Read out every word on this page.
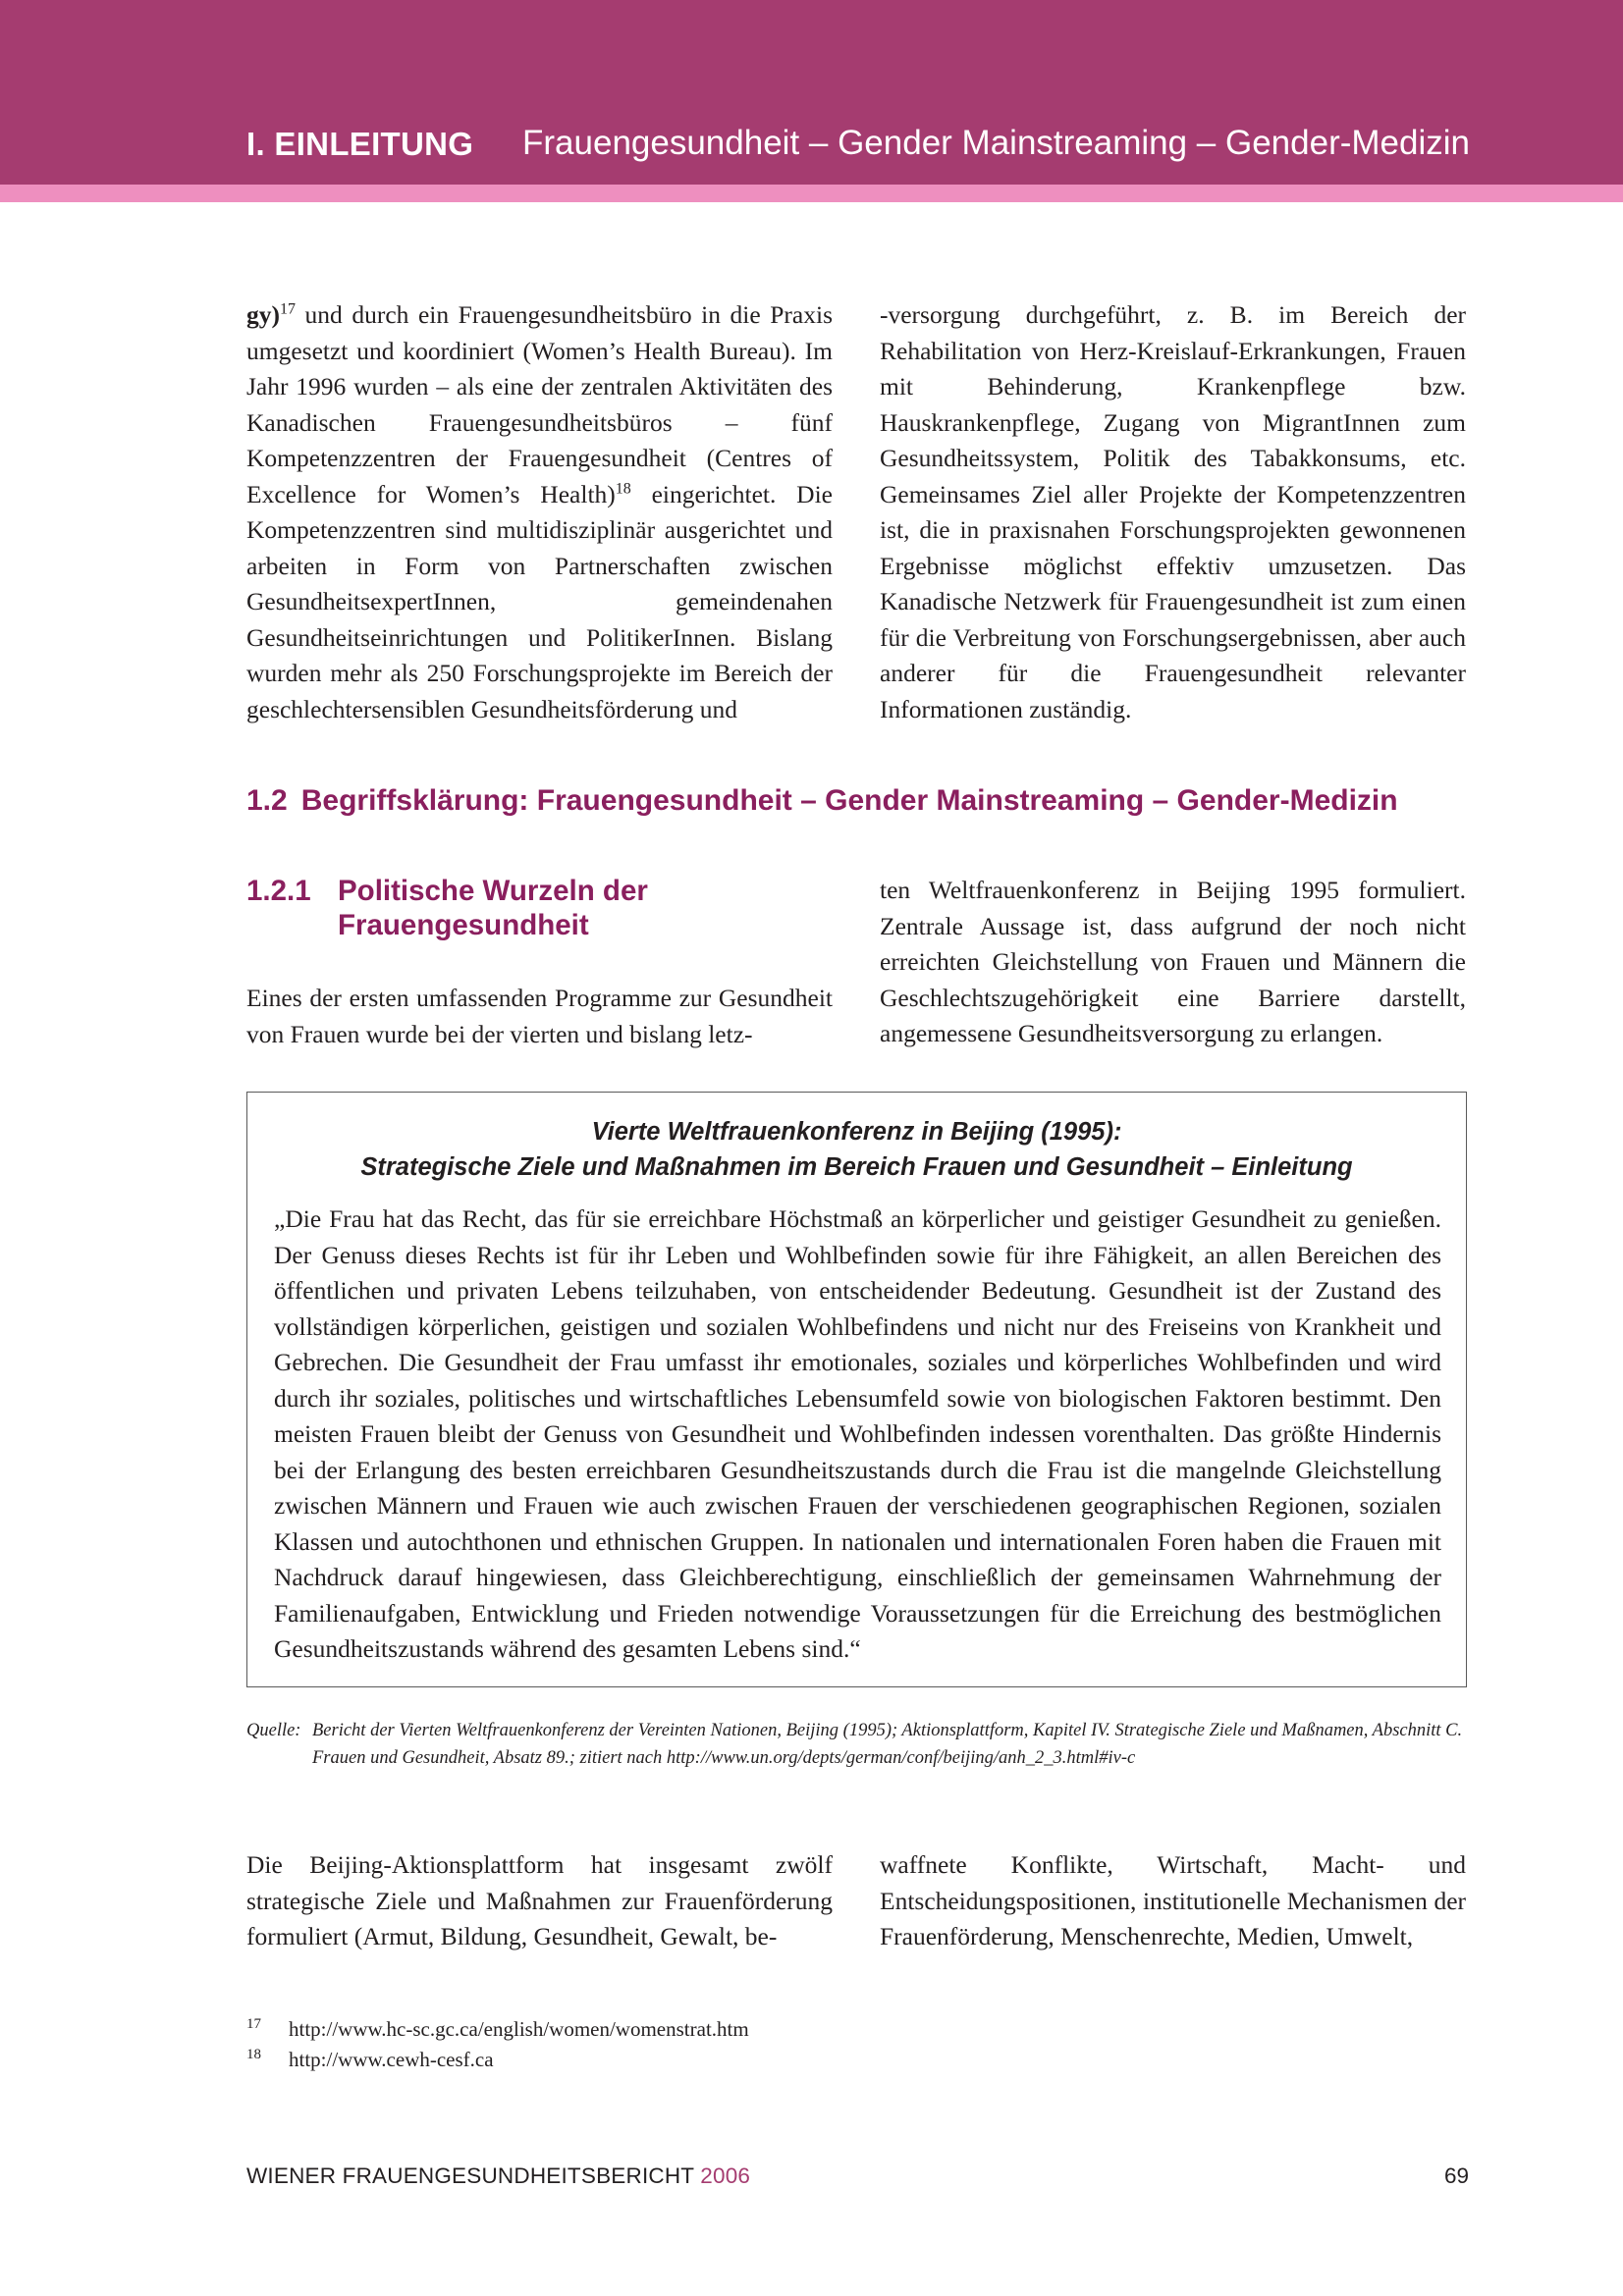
I. EINLEITUNG Frauengesundheit – Gender Mainstreaming – Gender-Medizin

gy)$^{17}$ und durch ein Frauengesundheitsbüro in die Praxis umgesetzt und koordiniert (Women’s Health Bureau). Im Jahr 1996 wurden – als eine der zentralen Aktivitäten des Kanadischen Frauengesundheitsbüros – fünf Kompetenzzentren der Frauengesundheit (Centres of Excellence for Women’s Health)$^{18}$ eingerichtet. Die Kompetenzzentren sind multidisziplinär ausgerichtet und arbeiten in Form von Partnerschaften zwischen GesundheitsexpertInnen, gemeindenahen Gesundheitseinrichtungen und PolitikerInnen. Bislang wurden mehr als 250 Forschungsprojekte im Bereich der geschlechtersensiblen Gesundheitsförderung und

-versorgung durchgeführt, z. B. im Bereich der Rehabilitation von Herz-Kreislauf-Erkrankungen, Frauen mit Behinderung, Krankenpflege bzw. Hauskrankenpflege, Zugang von MigrantInnen zum Gesundheitssystem, Politik des Tabakkonsums, etc. Gemeinsames Ziel aller Projekte der Kompetenzzentren ist, die in praxisnahen Forschungsprojekten gewonnenen Ergebnisse möglichst effektiv umzusetzen. Das Kanadische Netzwerk für Frauengesundheit ist zum einen für die Verbreitung von Forschungsergebnissen, aber auch anderer für die Frauengesundheit relevanter Informationen zuständig.

1.2 Begriffsklärung: Frauengesundheit – Gender Mainstreaming – Gender-Medizin
1.2.1 Politische Wurzeln der Frauengesundheit

Eines der ersten umfassenden Programme zur Gesundheit von Frauen wurde bei der vierten und bislang letz-

ten Weltfrauenkonferenz in Beijing 1995 formuliert. Zentrale Aussage ist, dass aufgrund der noch nicht erreichten Gleichstellung von Frauen und Männern die Geschlechtszugehörigkeit eine Barriere darstellt, angemessene Gesundheitsversorgung zu erlangen.

Vierte Weltfrauenkonferenz in Beijing (1995):
Strategische Ziele und Maßnahmen im Bereich Frauen und Gesundheit – Einleitung
„Die Frau hat das Recht, das für sie erreichbare Höchstmaß an körperlicher und geistiger Gesundheit zu genießen. Der Genuss dieses Rechts ist für ihr Leben und Wohlbefinden sowie für ihre Fähigkeit, an allen Bereichen des öffentlichen und privaten Lebens teilzuhaben, von entscheidender Bedeutung. Gesundheit ist der Zustand des vollständigen körperlichen, geistigen und sozialen Wohlbefindens und nicht nur des Freiseins von Krankheit und Gebrechen. Die Gesundheit der Frau umfasst ihr emotionales, soziales und körperliches Wohlbefinden und wird durch ihr soziales, politisches und wirtschaftliches Lebensumfeld sowie von biologischen Faktoren bestimmt. Den meisten Frauen bleibt der Genuss von Gesundheit und Wohlbefinden indessen vorenthalten. Das größte Hindernis bei der Erlangung des besten erreichbaren Gesundheitszustands durch die Frau ist die mangelnde Gleichstellung zwischen Männern und Frauen wie auch zwischen Frauen der verschiedenen geographischen Regionen, sozialen Klassen und autochthonen und ethnischen Gruppen. In nationalen und internationalen Foren haben die Frauen mit Nachdruck darauf hingewiesen, dass Gleichberechtigung, einschließlich der gemeinsamen Wahrnehmung der Familienaufgaben, Entwicklung und Frieden notwendige Voraussetzungen für die Erreichung des bestmöglichen Gesundheitszustands während des gesamten Lebens sind.“
Quelle: Bericht der Vierten Weltfrauenkonferenz der Vereinten Nationen, Beijing (1995); Aktionsplattform, Kapitel IV. Strategische Ziele und Maßnamen, Abschnitt C. Frauen und Gesundheit, Absatz 89.; zitiert nach http://www.un.org/depts/german/conf/beijing/anh_2_3.html#iv-c

Die Beijing-Aktionsplattform hat insgesamt zwölf strategische Ziele und Maßnahmen zur Frauenförderung formuliert (Armut, Bildung, Gesundheit, Gewalt, be-

waffnete Konflikte, Wirtschaft, Macht- und Entscheidungspositionen, institutionelle Mechanismen der Frauenförderung, Menschenrechte, Medien, Umwelt,

17 http://www.hc-sc.gc.ca/english/women/womenstrat.htm
18 http://www.cewh-cesf.ca
WIENER FRAUENGESUNDHEITSBERICHT 2006	69
